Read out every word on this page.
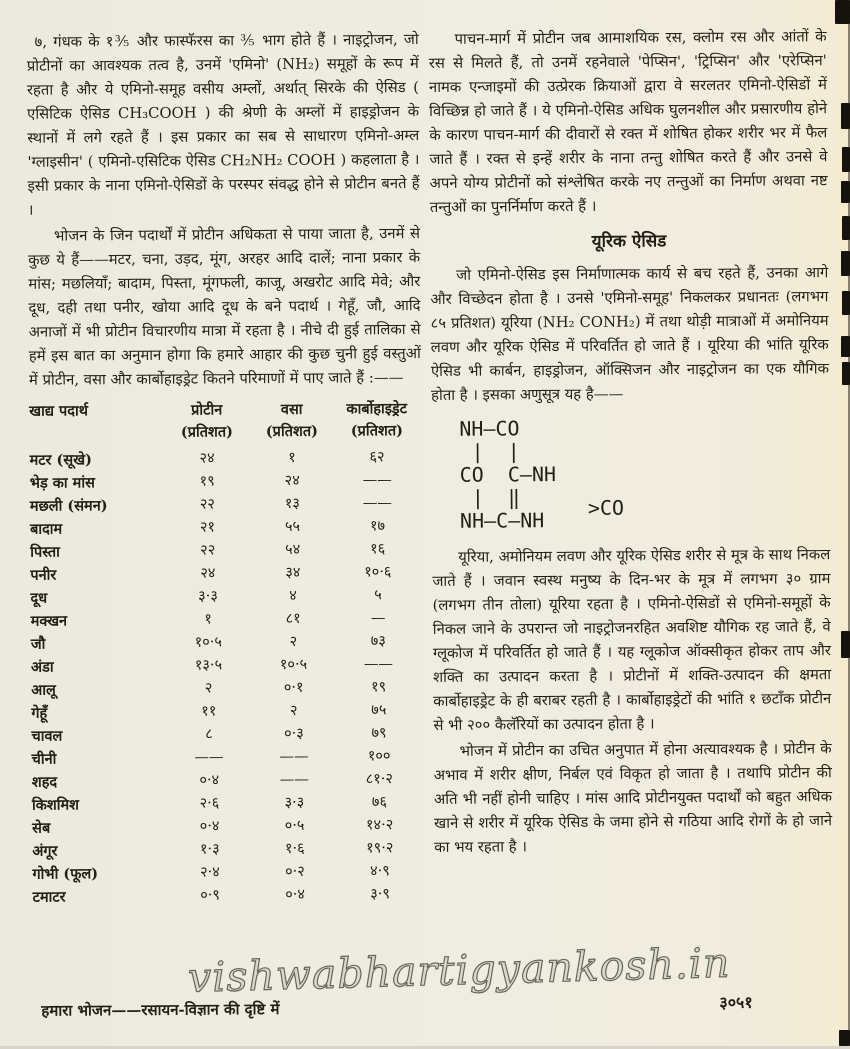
७, गंधक के १⅗ और फास्फॅरस का ⅗ भाग होते हैं । नाइट्रोजन, जो प्रोटीनों का आवश्यक तत्व है, उनमें 'एमिनो' (NH₂) समूहों के रूप में रहता है और ये एमिनो-समूह वसीय अम्लों, अर्थात् सिरके की ऐसिड ( एसिटिक ऐसिड CH₃COOH ) की श्रेणी के अम्लों में हाइड्रोजन के स्थानों में लगे रहते हैं । इस प्रकार का सब से साधारण एमिनो-अम्ल 'ग्लाइसीन' ( एमिनो-एसिटिक ऐसिड CH₂NH₂ COOH ) कहलाता है । इसी प्रकार के नाना एमिनो-ऐसिडों के परस्पर संवद्ध होने से प्रोटीन बनते हैं ।

भोजन के जिन पदार्थों में प्रोटीन अधिकता से पाया जाता है, उनमें से कुछ ये हैं——मटर, चना, उड़द, मूंग, अरहर आदि दालें; नाना प्रकार के मांस; मछलियाँ; बादाम, पिस्ता, मूंगफली, काजू, अखरोट आदि मेवे; और दूध, दही तथा पनीर, खोया आदि दूध के बने पदार्थ । गेहूँ, जौ, आदि अनाजों में भी प्रोटीन विचारणीय मात्रा में रहता है । नीचे दी हुई तालिका से हमें इस बात का अनुमान होगा कि हमारे आहार की कुछ चुनी हुई वस्तुओं में प्रोटीन, वसा और कार्बोहाइड्रेट कितने परिमाणों में पाए जाते हैं :——

खाद्य पदार्थ	प्रोटीन	वसा	कार्बोहाइड्रेट
(प्रतिशत)	(प्रतिशत)	(प्रतिशत)
मटर (सूखे)	२४	१	६२
भेड़ का मांस	१९	२४	——
मछली (संमन)	२२	१३	——
बादाम	२१	५५	१७
पिस्ता	२२	५४	१६
पनीर	२४	३४	१०·६
दूध	३·३	४	५
मक्खन	१	८१	—
जौ	१०·५	२	७३
अंडा	१३·५	१०·५	——
आलू	२	०·१	१९
गेहूँ	११	२	७५
चावल	८	०·३	७९
चीनी	——	——	१००
शहद	०·४	——	८१·२
किशमिश	२·६	३·३	७६
सेब	०·४	०·५	१४·२
अंगूर	१·३	१·६	१९·२
गोभी (फूल)	२·४	०·२	४·९
टमाटर	०·९	०·४	३·९

पाचन-मार्ग में प्रोटीन जब आमाशयिक रस, क्लोम रस और आंतों के रस से मिलते हैं, तो उनमें रहनेवाले 'पेप्सिन', 'ट्रिप्सिन' और 'एरेप्सिन' नामक एन्जाइमों की उत्प्रेरक क्रियाओं द्वारा वे सरलतर एमिनो-ऐसिडों में विच्छिन्न हो जाते हैं । ये एमिनो-ऐसिड अधिक घुलनशील और प्रसारणीय होने के कारण पाचन-मार्ग की दीवारों से रक्त में शोषित होकर शरीर भर में फैल जाते हैं । रक्त से इन्हें शरीर के नाना तन्तु शोषित करते हैं और उनसे वे अपने योग्य प्रोटीनों को संश्लेषित करके नए तन्तुओं का निर्माण अथवा नष्ट तन्तुओं का पुनर्निर्माण करते हैं ।

यूरिक ऐसिड

जो एमिनो-ऐसिड इस निर्माणात्मक कार्य से बच रहते हैं, उनका आगे और विच्छेदन होता है । उनसे 'एमिनो-समूह' निकलकर प्रधानतः (लगभग ८५ प्रतिशत) यूरिया (NH₂ CONH₂) में तथा थोड़ी मात्राओं में अमोनियम लवण और यूरिक ऐसिड में परिवर्तित हो जाते हैं । यूरिया की भांति यूरिक ऐसिड भी कार्बन, हाइड्रोजन, ऑक्सिजन और नाइट्रोजन का एक यौगिक होता है । इसका अणुसूत्र यह है——

NH—CO
|  |
CO  C–NH
|  ‖
NH—C—NH
>CO

यूरिया, अमोनियम लवण और यूरिक ऐसिड शरीर से मूत्र के साथ निकल जाते हैं । जवान स्वस्थ मनुष्य के दिन-भर के मूत्र में लगभग ३० ग्राम (लगभग तीन तोला) यूरिया रहता है । एमिनो-ऐसिडों से एमिनो-समूहों के निकल जाने के उपरान्त जो नाइट्रोजनरहित अवशिष्ट यौगिक रह जाते हैं, वे ग्लूकोज में परिवर्तित हो जाते हैं । यह ग्लूकोज ऑक्सीकृत होकर ताप और शक्ति का उत्पादन करता है । प्रोटीनों में शक्ति-उत्पादन की क्षमता कार्बोहाइड्रेट के ही बराबर रहती है । कार्बोहाइड्रेटों की भांति १ छटाँक प्रोटीन से भी २०० कैलॅरियों का उत्पादन होता है ।

भोजन में प्रोटीन का उचित अनुपात में होना अत्यावश्यक है । प्रोटीन के अभाव में शरीर क्षीण, निर्बल एवं विकृत हो जाता है । तथापि प्रोटीन की अति भी नहीं होनी चाहिए । मांस आदि प्रोटीनयुक्त पदार्थों को बहुत अधिक खाने से शरीर में यूरिक ऐसिड के जमा होने से गठिया आदि रोगों के हो जाने का भय रहता है ।

हमारा भोजन——रसायन-विज्ञान की दृष्टि में	३०५१
vishwabhartigyankosh.in
